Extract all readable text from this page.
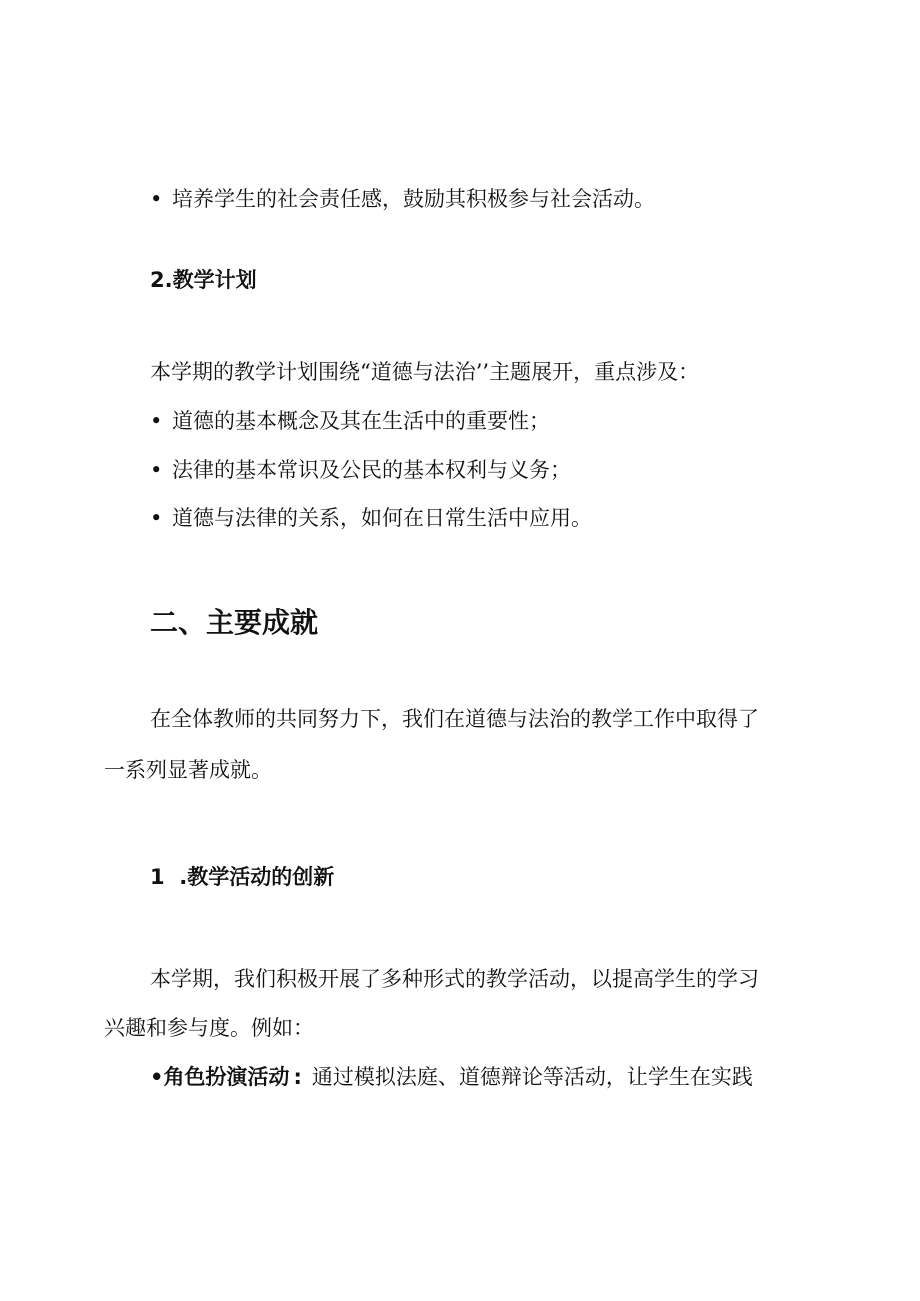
• 培养学生的社会责任感，鼓励其积极参与社会活动。
2.教学计划
本学期的教学计划围绕“道德与法治’’主题展开，重点涉及：
• 道德的基本概念及其在生活中的重要性；
• 法律的基本常识及公民的基本权利与义务；
• 道德与法律的关系，如何在日常生活中应用。
二、主要成就
在全体教师的共同努力下，我们在道德与法治的教学工作中取得了
一系列显著成就。
1  .教学活动的创新
本学期，我们积极开展了多种形式的教学活动，以提高学生的学习
兴趣和参与度。例如：
•角色扮演活动 : 通过模拟法庭、道德辩论等活动，让学生在实践
